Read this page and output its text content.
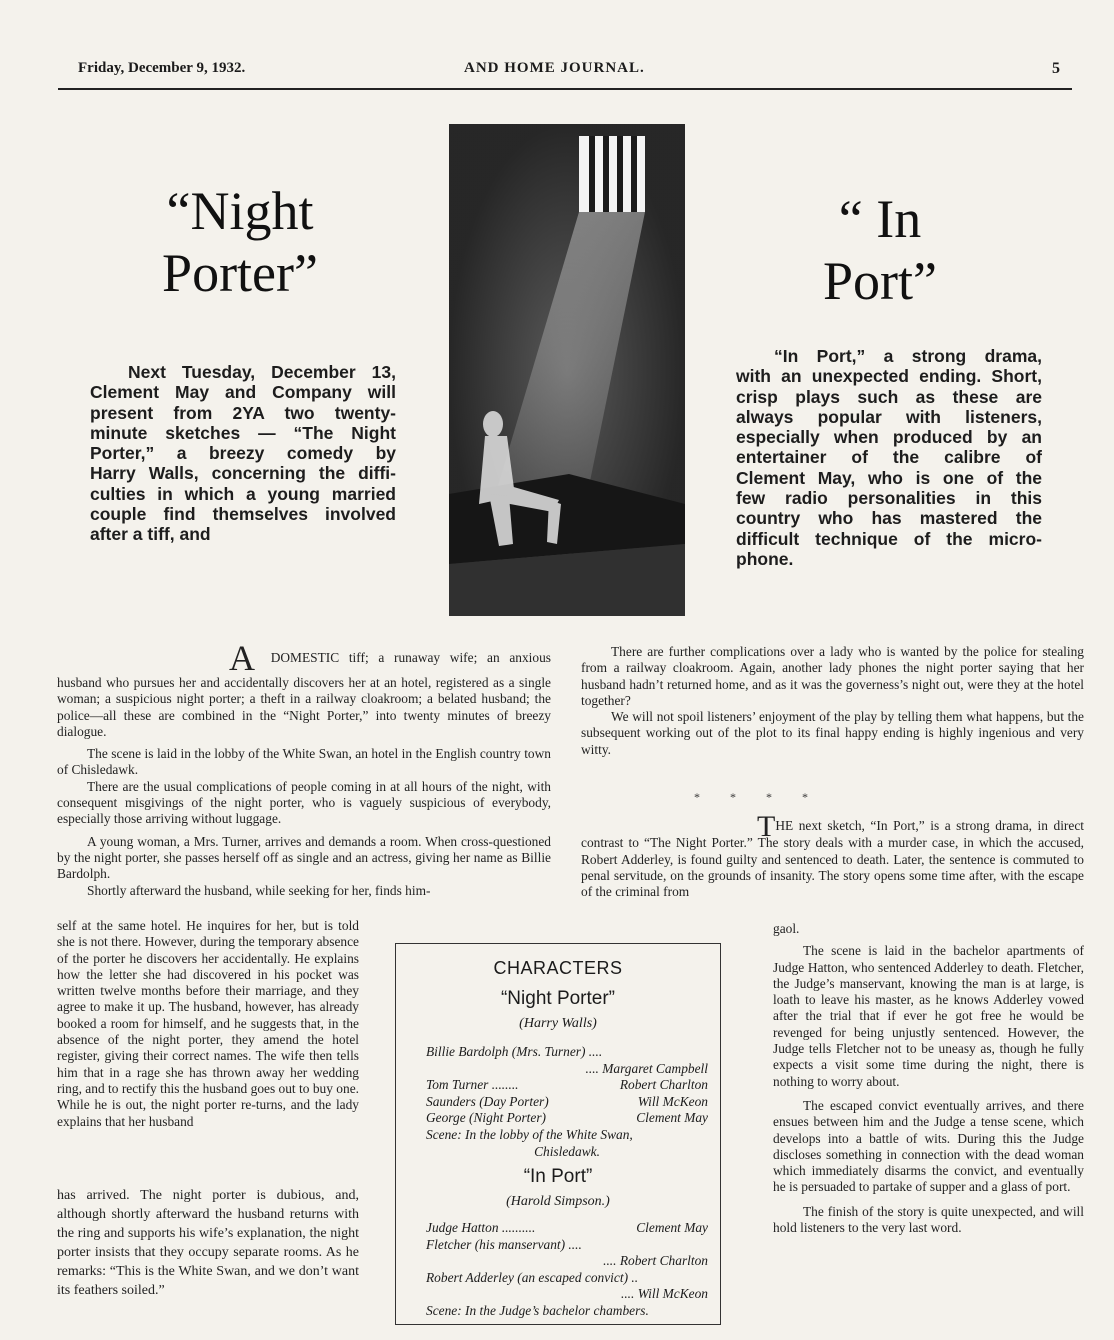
Friday, December 9, 1932.	AND HOME JOURNAL.	5
“Night
Porter”
“ In
Port”
Next Tuesday, December 13,
Clement May and Company will
present from 2YA two twenty-
minute sketches — “The Night
Porter,” a breezy comedy by
Harry Walls, concerning the diffi-
culties in which a young married
couple find themselves involved
after a tiff, and
“In Port,” a strong drama,
with an unexpected ending. Short,
crisp plays such as these are
always popular with listeners,
especially when produced by an
entertainer of the calibre of
Clement May, who is one of the
few radio personalities in this
country who has mastered the
difficult technique of the micro-
phone.

A DOMESTIC tiff; a runaway wife; an anxious husband who pursues her and accidentally discovers her at an hotel, registered as a single woman; a suspicious night porter; a theft in a railway cloakroom; a belated husband; the police—all these are combined in the “Night Porter,” into twenty minutes of breezy dialogue.

The scene is laid in the lobby of the White Swan, an hotel in the English country town of Chisledawk.

There are the usual complications of people coming in at all hours of the night, with consequent misgivings of the night porter, who is vaguely suspicious of everybody, especially those arriving without luggage.

A young woman, a Mrs. Turner, arrives and demands a room. When cross-questioned by the night porter, she passes herself off as single and an actress, giving her name as Billie Bardolph.

Shortly afterward the husband, while seeking for her, finds him-

self at the same hotel. He inquires for her, but is told she is not there. However, during the temporary absence of the porter he discovers her accidentally. He explains how the letter she had discovered in his pocket was written twelve months before their marriage, and they agree to make it up. The husband, however, has already booked a room for himself, and he suggests that, in the absence of the night porter, they amend the hotel register, giving their correct names. The wife then tells him that in a rage she has thrown away her wedding ring, and to rectify this the husband goes out to buy one. While he is out, the night porter re-turns, and the lady explains that her husband

has arrived. The night porter is dubious, and, although shortly afterward the husband returns with the ring and supports his wife’s explanation, the night porter insists that they occupy separate rooms. As he remarks: “This is the White Swan, and we don’t want its feathers soiled.”

There are further complications over a lady who is wanted by the police for stealing from a railway cloakroom. Again, another lady phones the night porter saying that her husband hadn’t returned home, and as it was the governess’s night out, were they at the hotel together?

We will not spoil listeners’ enjoyment of the play by telling them what happens, but the subsequent working out of the plot to its final happy ending is highly ingenious and very witty.

*          *          *          *

THE next sketch, “In Port,” is a strong drama, in direct contrast to “The Night Porter.” The story deals with a murder case, in which the accused, Robert Adderley, is found guilty and sentenced to death. Later, the sentence is commuted to penal servitude, on the grounds of insanity. The story opens some time after, with the escape of the criminal from

gaol.

The scene is laid in the bachelor apartments of Judge Hatton, who sentenced Adderley to death. Fletcher, the Judge’s manservant, knowing the man is at large, is loath to leave his master, as he knows Adderley vowed after the trial that if ever he got free he would be revenged for being unjustly sentenced. However, the Judge tells Fletcher not to be uneasy as, though he fully expects a visit some time during the night, there is nothing to worry about.

The escaped convict eventually arrives, and there ensues between him and the Judge a tense scene, which develops into a battle of wits. During this the Judge discloses something in connection with the dead woman which immediately disarms the convict, and eventually he is persuaded to partake of supper and a glass of port.

The finish of the story is quite unexpected, and will hold listeners to the very last word.

CHARACTERS
“Night Porter”
(Harry Walls)
Billie Bardolph (Mrs. Turner) ....
.... Margaret Campbell
Tom Turner ........	Robert Charlton
Saunders (Day Porter)	Will McKeon
George (Night Porter)	Clement May
Scene: In the lobby of the White Swan,
Chisledawk.
“In Port”
(Harold Simpson.)
Judge Hatton ..........	Clement May
Fletcher (his manservant) ....
.... Robert Charlton
Robert Adderley (an escaped convict) ..
.... Will McKeon
Scene: In the Judge’s bachelor chambers.
